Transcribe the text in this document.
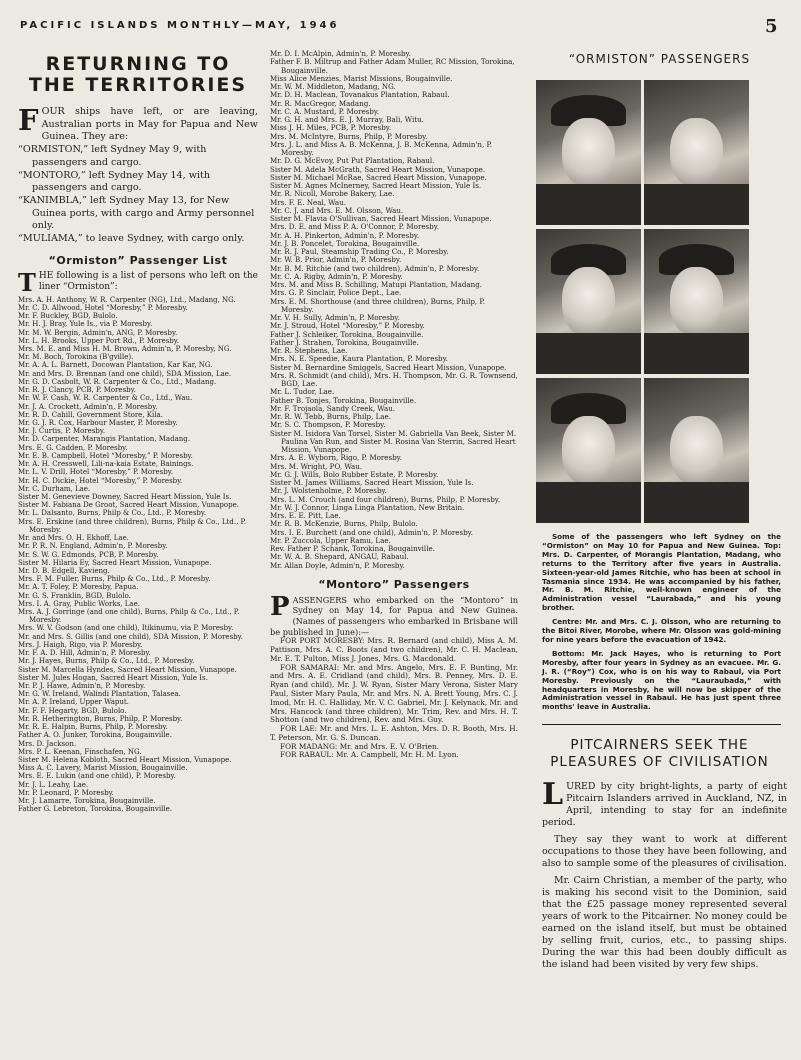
PACIFIC ISLANDS MONTHLY—MAY, 1946	5
RETURNING TO THE TERRITORIES

FOUR ships have left, or are leaving, Australian ports in May for Papua and New Guinea. They are:

“ORMISTON,” left Sydney May 9, with passengers and cargo.

“MONTORO,” left Sydney May 14, with passengers and cargo.

“KANIMBLA,” left Sydney May 13, for New Guinea ports, with cargo and Army personnel only.

“MULIAMA,” to leave Sydney, with cargo only.

“Ormiston” Passenger List

THE following is a list of persons who left on the liner “Ormiston”:

Mrs. A. H. Anthony, W. R. Carpenter (NG), Ltd., Madang, NG.

Mr. C. D. Allwood, Hotel “Moresby,” P. Moresby.

Mr. F. Buckley, BGD, Bulolo.

Mr. H. J. Bray, Yule Is., via P. Moresby.

Mr. M. W. Bergin, Admin'n, ANG, P. Moresby.

Mr. L. H. Brooks, Upper Port Rd., P. Moresby.

Mrs. M. E. and Miss H. M. Brown, Admin'n, P. Moresby, NG.

Mr. M. Boch, Torokina (B'gville).

Mr. A. A. L. Barnett, Docowan Plantation, Kar Kar, NG.

Mr. and Mrs. D. Brennan (and one child), SDA Mission, Lae.

Mr. G. D. Casbolt, W. R. Carpenter & Co., Ltd., Madang.

Mr. R. J. Clancy, PCB, P. Moresby.

Mr. W. F. Cash, W. R. Carpenter & Co., Ltd., Wau.

Mr. J. A. Crockett, Admin'n, P. Moresby.

Mr. R. D. Cahill, Government Store, Kila.

Mr. G. J. R. Cox, Harbour Master, P. Moresby.

Mr. J. Curtis, P. Moresby.

Mr. D. Carpenter, Marangis Plantation, Madang.

Mrs. E. G. Cadden, P. Moresby.

Mr. E. B. Campbell, Hotel “Moresby,” P. Moresby.

Mr. A. H. Cresswell, Lili-na-kaia Estate, Bainings.

Mr. L. V. Drill, Hotel “Moresby,” P. Moresby.

Mr. H. C. Dickie, Hotel “Moresby,” P. Moresby.

Mr. C. Durham, Lae.

Sister M. Genevieve Downey, Sacred Heart Mission, Yule Is.

Sister M. Fabiana De Groot, Sacred Heart Mission, Vunapope.

Mr. L. Dalsanto, Burns, Philp & Co., Ltd., P. Moresby.

Mrs. E. Erskine (and three children), Burns, Philp & Co., Ltd., P. Moresby.

Mr. and Mrs. O. H. Ekhoff, Lae.

Mr. P. R. N. England, Admin'n, P. Moresby.

Mr. S. W. G. Edmonds, PCB, P. Moresby.

Sister M. Hilaria Ey, Sacred Heart Mission, Vunapope.

Mr. D. B. Edgell, Kavieng.

Mrs. F. M. Fuller, Burns, Philp & Co., Ltd., P. Moresby.

Mr. A. T. Foley, P. Moresby, Papua.

Mr. G. S. Franklin, BGD, Bulolo.

Mrs. I. A. Gray, Public Works, Lae.

Mrs. A. J. Gorringe (and one child), Burns, Philp & Co., Ltd., P. Moresby.

Mrs. W. V. Godson (and one child), Itikinumu, via P. Moresby.

Mr. and Mrs. S. Gillis (and one child), SDA Mission, P. Moresby.

Mrs. J. Haigh, Rigo, via P. Moresby.

Mr. F. A. D. Hill, Admin'n, P. Moresby.

Mr. J. Hayes, Burns, Philp & Co., Ltd., P. Moresby.

Sister M. Marcella Hyndes, Sacred Heart Mission, Vunapope.

Sister M. Jules Hogan, Sacred Heart Mission, Yule Is.

Mr. P. J. Hawe, Admin'n, P. Moresby.

Mr. G. W. Ireland, Walindi Plantation, Talasea.

Mr. A. P. Ireland, Upper Waput.

Mr. F. F. Hegarty, BGD, Bulolo.

Mr. R. Hetherington, Burns, Philp, P. Moresby.

Mr. R. E. Halpin, Burns, Philp, P. Moresby.

Father A. O. Junker, Torokina, Bougainville.

Mrs. D. Jackson.

Mrs. P. L. Keenan, Finschafen, NG.

Sister M. Helena Kobloth, Sacred Heart Mission, Vunapope.

Miss A. C. Lavery, Marist Mission, Bougainville.

Mrs. E. E. Lukin (and one child), P. Moresby.

Mr. J. L. Leahy, Lae.

Mr. P. Leonard, P. Moresby.

Mr. J. Lamarre, Torokina, Bougainville.

Father G. Lebreton, Torokina, Bougainville.

Mr. D. I. McAlpin, Admin'n, P. Moresby.

Father F. B. Miltrup and Father Adam Muller, RC Mission, Torokina, Bougainville.

Miss Alice Menzies, Marist Missions, Bougainville.

Mr. W. M. Middleton, Madang, NG.

Mr. D. H. Maclean, Tovanakus Plantation, Rabaul.

Mr. R. MacGregor, Madang.

Mr. C. A. Mustard, P. Moresby.

Mr. G. H. and Mrs. E. J. Murray, Bali, Witu.

Miss J. H. Miles, PCB, P. Moresby.

Mrs. M. McIntyre, Burns, Philp, P. Moresby.

Mrs. J. L. and Miss A. B. McKenna, J. B. McKenna, Admin'n, P. Moresby.

Mr. D. G. McEvoy, Put Put Plantation, Rabaul.

Sister M. Adela McGrath, Sacred Heart Mission, Vunapope.

Sister M. Michael McRae, Sacred Heart Mission, Vunapope.

Sister M. Agnes McInerney, Sacred Heart Mission, Yule Is.

Mr. R. Nicoll, Morobe Bakery, Lae.

Mrs. F. E. Neal, Wau.

Mr. C. J. and Mrs. E. M. Olsson, Wau.

Sister M. Flavia O'Sullivan, Sacred Heart Mission, Vunapope.

Mrs. D. E. and Miss P. A. O'Connor, P. Moresby.

Mr. A. H. Pinkerton, Admin'n, P. Moresby.

Mr. J. B. Poncelet, Torokina, Bougainville.

Mr. R. J. Paul, Steamship Trading Co., P. Moresby.

Mr. W. B. Prior, Admin'n, P. Moresby.

Mr. B. M. Ritchie (and two children), Admin'n, P. Moresby.

Mr. C. A. Rigby, Admin'n, P. Moresby.

Mrs. M. and Miss B. Schilling, Matupi Plantation, Madang.

Mrs. G. P. Sinclair, Police Dept., Lae.

Mrs. E. M. Shorthouse (and three children), Burns, Philp, P. Moresby.

Mr. V. H. Sully, Admin'n, P. Moresby.

Mr. J. Stroud, Hotel “Moresby,” P. Moresby.

Father J. Schleiker, Torokina, Bougainville.

Father J. Strahen, Torokina, Bougainville.

Mr. R. Stephens, Lae.

Mrs. N. E. Speedie, Kaura Plantation, P. Moresby.

Sister M. Bernardine Smiggels, Sacred Heart Mission, Vunapope.

Mrs. R. Schmidt (and child), Mrs. H. Thompson, Mr. G. R. Townsend, BGD, Lae.

Mr. L. Tudor, Lae.

Father B. Tonjes, Torokina, Bougainville.

Mr. F. Trojaola, Sandy Creek, Wau.

Mr. R. W. Tebb, Burns, Philp, Lae.

Mr. S. C. Thompson, P. Moresby.

Sister M. Isidora Van Torsel, Sister M. Gabriella Van Beek, Sister M. Paulina Van Run, and Sister M. Rosina Van Sterrin, Sacred Heart Mission, Vunapope.

Mrs. A. E. Wyborn, Rigo, P. Moresby.

Mrs. M. Wright, PO, Wau.

Mr. G. J. Wills, Bolo Rubber Estate, P. Moresby.

Sister M. James Williams, Sacred Heart Mission, Yule Is.

Mr. J. Wolstenholme, P. Moresby.

Mrs. L. M. Crouch (and four children), Burns, Philp, P. Moresby.

Mr. W. J. Connor, Linga Linga Plantation, New Britain.

Mrs. E. E. Pitt, Lae.

Mr. R. B. McKenzie, Burns, Philp, Bulolo.

Mrs. I. E. Burchett (and one child), Admin'n, P. Moresby.

Mr. P. Zuccola, Upper Ramu, Lae.

Rev. Father P. Schank, Torokina, Bougainville.

Mr. W. A. B. Shepard, ANGAU, Rabaul.

Mr. Allan Doyle, Admin'n, P. Moresby.

“Montoro” Passengers

PASSENGERS who embarked on the “Montoro” in Sydney on May 14, for Papua and New Guinea. (Names of passengers who embarked in Brisbane will be published in June):—

FOR PORT MORESBY: Mrs. R. Bernard (and child), Miss A. M. Pattison, Mrs. A. C. Boots (and two children), Mr. C. H. Maclean, Mr. E. T. Pulton, Miss J. Jones, Mrs. G. Macdonald.

FOR SAMARAI: Mr. and Mrs. Angelo, Mrs. E. F. Bunting, Mr. and Mrs. A. E. Cridland (and child), Mrs. B. Penney, Mrs. D. E. Ryan (and child), Mr. J. W. Ryan, Sister Mary Verona, Sister Mary Paul, Sister Mary Paula, Mr. and Mrs. N. A. Brett Young, Mrs. C. J. Imod, Mr. H. C. Halliday, Mr. V. C. Gabriel, Mr. J. Kelynack, Mr. and Mrs. Hancock (and three children), Mr. Trim, Rev. and Mrs. H. T. Shotton (and two children), Rev. and Mrs. Guy.

FOR LAE: Mr. and Mrs. L. E. Ashton, Mrs. D. R. Booth, Mrs. H. T. Peterson, Mr. G. S. Duncan.

FOR MADANG: Mr. and Mrs. E. V. O'Brien.

FOR RABAUL: Mr. A. Campbell, Mr. H. M. Lyon.

“ORMISTON” PASSENGERS

Some of the passengers who left Sydney on the “Ormiston” on May 10 for Papua and New Guinea. Top: Mrs. D. Carpenter, of Morangis Plantation, Madang, who returns to the Territory after five years in Australia. Sixteen-year-old James Ritchie, who has been at school in Tasmania since 1934. He was accompanied by his father, Mr. B. M. Ritchie, well-known engineer of the Administration vessel “Laurabada,” and his young brother.

Centre: Mr. and Mrs. C. J. Olsson, who are returning to the Bitoi River, Morobe, where Mr. Olsson was gold-mining for nine years before the evacuation of 1942.

Bottom: Mr. Jack Hayes, who is returning to Port Moresby, after four years in Sydney as an evacuee. Mr. G. J. R. (“Roy”) Cox, who is on his way to Rabaul, via Port Moresby. Previously on the “Lauraubada,” with headquarters in Moresby, he will now be skipper of the Administration vessel in Rabaul. He has just spent three months' leave in Australia.

PITCAIRNERS SEEK THE PLEASURES OF CIVILISATION

LURED by city bright-lights, a party of eight Pitcairn Islanders arrived in Auckland, NZ, in April, intending to stay for an indefinite period.

They say they want to work at different occupations to those they have been following, and also to sample some of the pleasures of civilisation.

Mr. Cairn Christian, a member of the party, who is making his second visit to the Dominion, said that the £25 passage money represented several years of work to the Pitcairner. No money could be earned on the island itself, but must be obtained by selling fruit, curios, etc., to passing ships. During the war this had been doubly difficult as the island had been visited by very few ships.
